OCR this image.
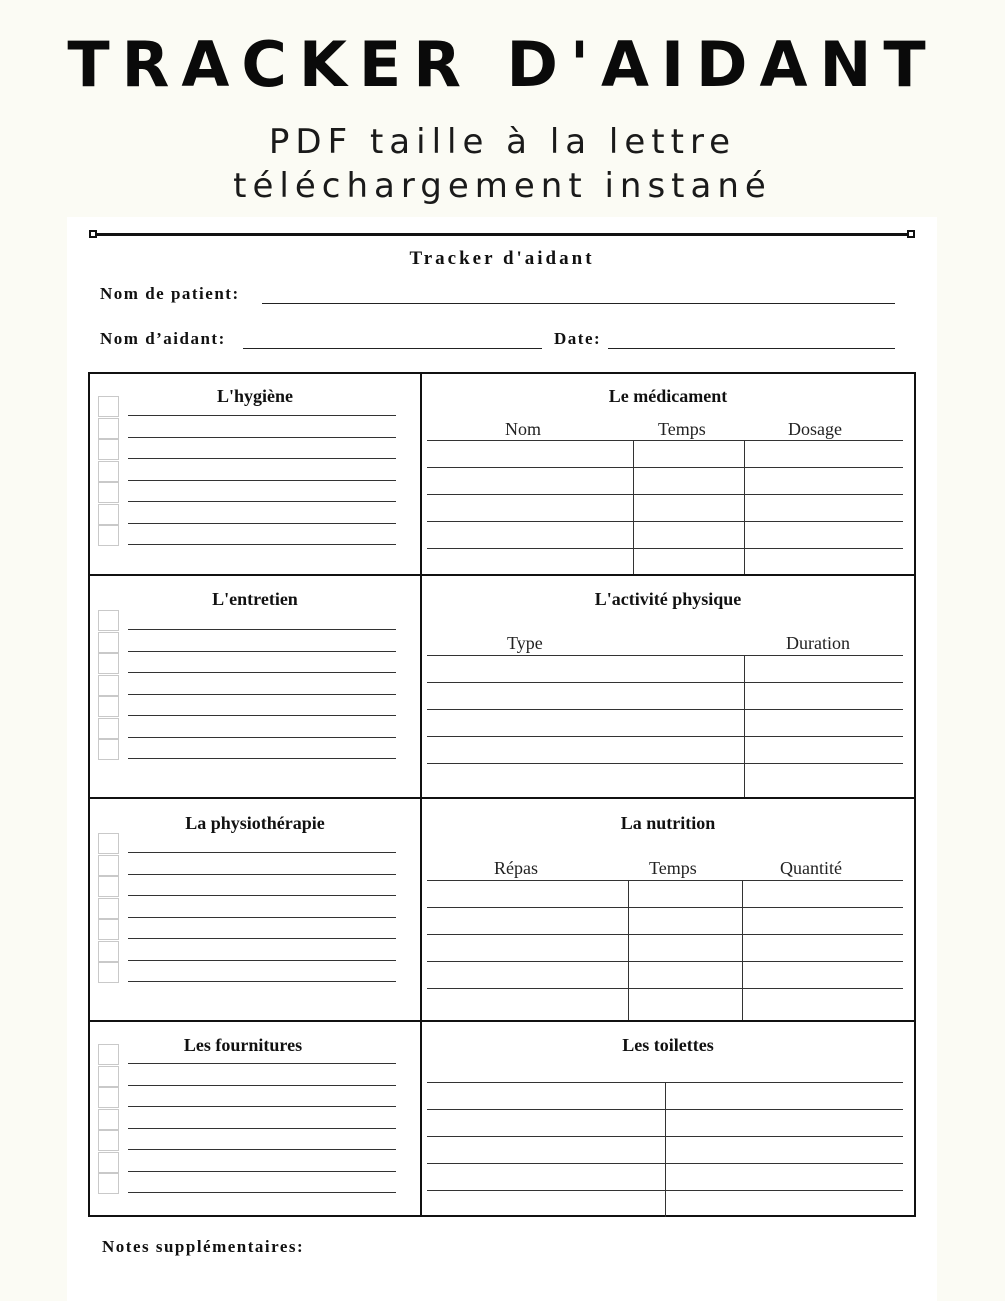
TRACKER D'AIDANT
PDF taille à la lettre
téléchargement instané
Tracker d'aidant
Nom de patient:
Nom d’aidant:	Date:
L'hygiène
L'entretien
La physiothérapie
Les fournitures
Le médicament
L'activité physique
La nutrition
Les toilettes
Nom	Temps	Dosage
Type	Duration
Répas	Temps	Quantité
Notes supplémentaires:
